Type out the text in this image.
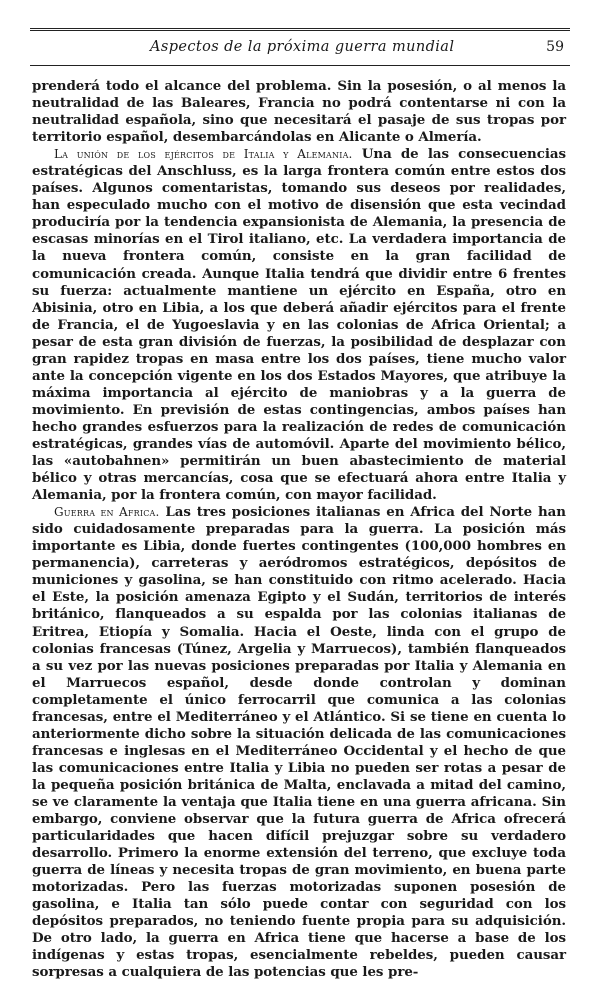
Aspectos de la próxima guerra mundial	59

prenderá todo el alcance del problema. Sin la posesión, o al menos la neutralidad de las Baleares, Francia no podrá contentarse ni con la neutralidad española, sino que necesitará el pasaje de sus tropas por territorio español, desembarcándolas en Alicante o Almería.

La unión de los ejércitos de Italia y Alemania. Una de las consecuencias estratégicas del Anschluss, es la larga frontera común entre estos dos países. Algunos comentaristas, tomando sus deseos por realidades, han especulado mucho con el motivo de disensión que esta vecindad produciría por la tendencia expansionista de Alemania, la presencia de escasas minorías en el Tirol italiano, etc. La verdadera importancia de la nueva frontera común, consiste en la gran facilidad de comunicación creada. Aunque Italia tendrá que dividir entre 6 frentes su fuerza: actualmente mantiene un ejército en España, otro en Abisinia, otro en Libia, a los que deberá añadir ejércitos para el frente de Francia, el de Yugoeslavia y en las colonias de Africa Oriental; a pesar de esta gran división de fuerzas, la posibilidad de desplazar con gran rapidez tropas en masa entre los dos países, tiene mucho valor ante la concepción vigente en los dos Estados Mayores, que atribuye la máxima importancia al ejército de maniobras y a la guerra de movimiento. En previsión de estas contingencias, ambos países han hecho grandes esfuerzos para la realización de redes de comunicación estratégicas, grandes vías de automóvil. Aparte del movimiento bélico, las «autobahnen» permitirán un buen abastecimiento de material bélico y otras mercancías, cosa que se efectuará ahora entre Italia y Alemania, por la frontera común, con mayor facilidad.

Guerra en Africa. Las tres posiciones italianas en Africa del Norte han sido cuidadosamente preparadas para la guerra. La posición más importante es Libia, donde fuertes contingentes (100,000 hombres en permanencia), carreteras y aeródromos estratégicos, depósitos de municiones y gasolina, se han constituido con ritmo acelerado. Hacia el Este, la posición amenaza Egipto y el Sudán, territorios de interés británico, flanqueados a su espalda por las colonias italianas de Eritrea, Etiopía y Somalia. Hacia el Oeste, linda con el grupo de colonias francesas (Túnez, Argelia y Marruecos), también flanqueados a su vez por las nuevas posiciones preparadas por Italia y Alemania en el Marruecos español, desde donde controlan y dominan completamente el único ferrocarril que comunica a las colonias francesas, entre el Mediterráneo y el Atlántico. Si se tiene en cuenta lo anteriormente dicho sobre la situación delicada de las comunicaciones francesas e inglesas en el Mediterráneo Occidental y el hecho de que las comunicaciones entre Italia y Libia no pueden ser rotas a pesar de la pequeña posición británica de Malta, enclavada a mitad del camino, se ve claramente la ventaja que Italia tiene en una guerra africana. Sin embargo, conviene observar que la futura guerra de Africa ofrecerá particularidades que hacen difícil prejuzgar sobre su verdadero desarrollo. Primero la enorme extensión del terreno, que excluye toda guerra de líneas y necesita tropas de gran movimiento, en buena parte motorizadas. Pero las fuerzas motorizadas suponen posesión de gasolina, e Italia tan sólo puede contar con seguridad con los depósitos preparados, no teniendo fuente propia para su adquisición. De otro lado, la guerra en Africa tiene que hacerse a base de los indígenas y estas tropas, esencialmente rebeldes, pueden causar sorpresas a cualquiera de las potencias que les pre-
